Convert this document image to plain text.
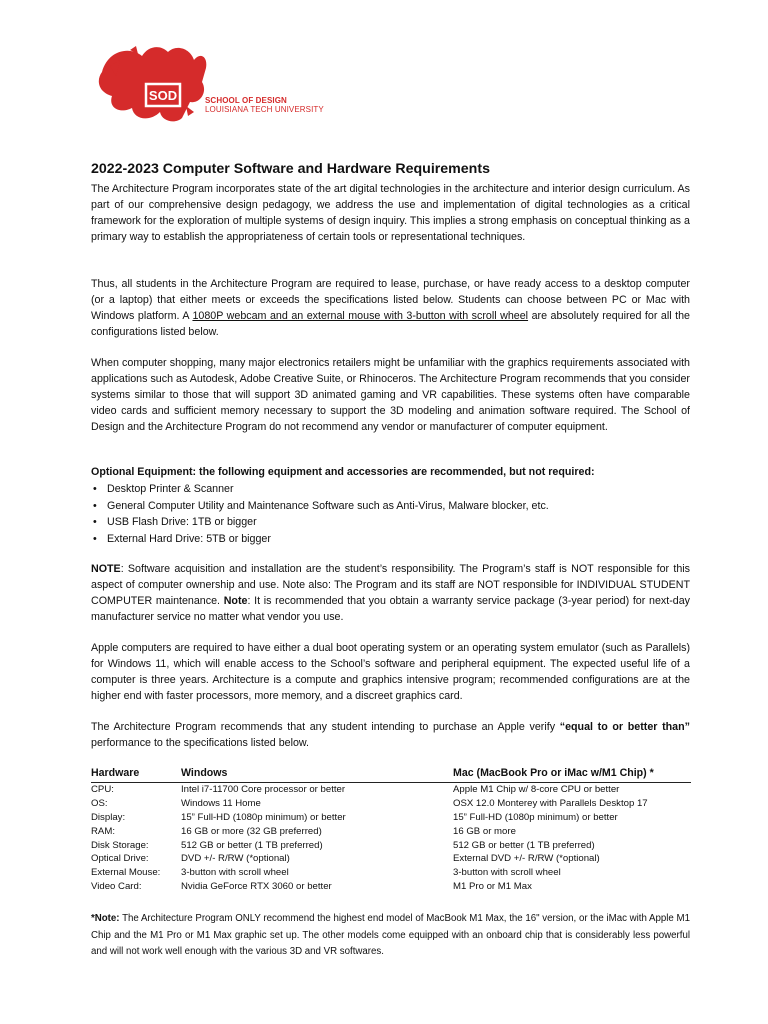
SOD	SCHOOL OF DESIGN
LOUISIANA TECH UNIVERSITY
2022-2023 Computer Software and Hardware Requirements

The Architecture Program incorporates state of the art digital technologies in the architecture and interior design curriculum. As part of our comprehensive design pedagogy, we address the use and implementation of digital technologies as a critical framework for the exploration of multiple systems of design inquiry. This implies a strong emphasis on conceptual thinking as a primary way to establish the appropriateness of certain tools or representational techniques.

Thus, all students in the Architecture Program are required to lease, purchase, or have ready access to a desktop computer (or a laptop) that either meets or exceeds the specifications listed below. Students can choose between PC or Mac with Windows platform. A 1080P webcam and an external mouse with 3-button with scroll wheel are absolutely required for all the configurations listed below.

When computer shopping, many major electronics retailers might be unfamiliar with the graphics requirements associated with applications such as Autodesk, Adobe Creative Suite, or Rhinoceros. The Architecture Program recommends that you consider systems similar to those that will support 3D animated gaming and VR capabilities. These systems often have comparable video cards and sufficient memory necessary to support the 3D modeling and animation software required. The School of Design and the Architecture Program do not recommend any vendor or manufacturer of computer equipment.

Optional Equipment: the following equipment and accessories are recommended, but not required:

• Desktop Printer & Scanner
• General Computer Utility and Maintenance Software such as Anti-Virus, Malware blocker, etc.
• USB Flash Drive: 1TB or bigger
• External Hard Drive: 5TB or bigger

NOTE: Software acquisition and installation are the student’s responsibility. The Program’s staff is NOT responsible for this aspect of computer ownership and use. Note also: The Program and its staff are NOT responsible for INDIVIDUAL STUDENT COMPUTER maintenance. Note: It is recommended that you obtain a warranty service package (3-year period) for next-day manufacturer service no matter what vendor you use.

Apple computers are required to have either a dual boot operating system or an operating system emulator (such as Parallels) for Windows 11, which will enable access to the School’s software and peripheral equipment. The expected useful life of a computer is three years. Architecture is a compute and graphics intensive program; recommended configurations are at the higher end with faster processors, more memory, and a discreet graphics card.

The Architecture Program recommends that any student intending to purchase an Apple verify “equal to or better than” performance to the specifications listed below.

Hardware	Windows	Mac (MacBook Pro or iMac w/M1 Chip) *
CPU:	Intel i7-11700 Core processor or better	Apple M1 Chip w/ 8-core CPU or better
OS:	Windows 11 Home	OSX 12.0 Monterey with Parallels Desktop 17
Display:	15” Full-HD (1080p minimum) or better	15” Full-HD (1080p minimum) or better
RAM:	16 GB or more (32 GB preferred)	16 GB or more
Disk Storage:	512 GB or better (1 TB preferred)	512 GB or better (1 TB preferred)
Optical Drive:	DVD +/- R/RW (*optional)	External DVD +/- R/RW (*optional)
External Mouse:	3-button with scroll wheel	3-button with scroll wheel
Video Card:	Nvidia GeForce RTX 3060 or better	M1 Pro or M1 Max

*Note: The Architecture Program ONLY recommend the highest end model of MacBook M1 Max, the 16" version, or the iMac with Apple M1 Chip and the M1 Pro or M1 Max graphic set up. The other models come equipped with an onboard chip that is considerably less powerful and will not work well enough with the various 3D and VR softwares.
